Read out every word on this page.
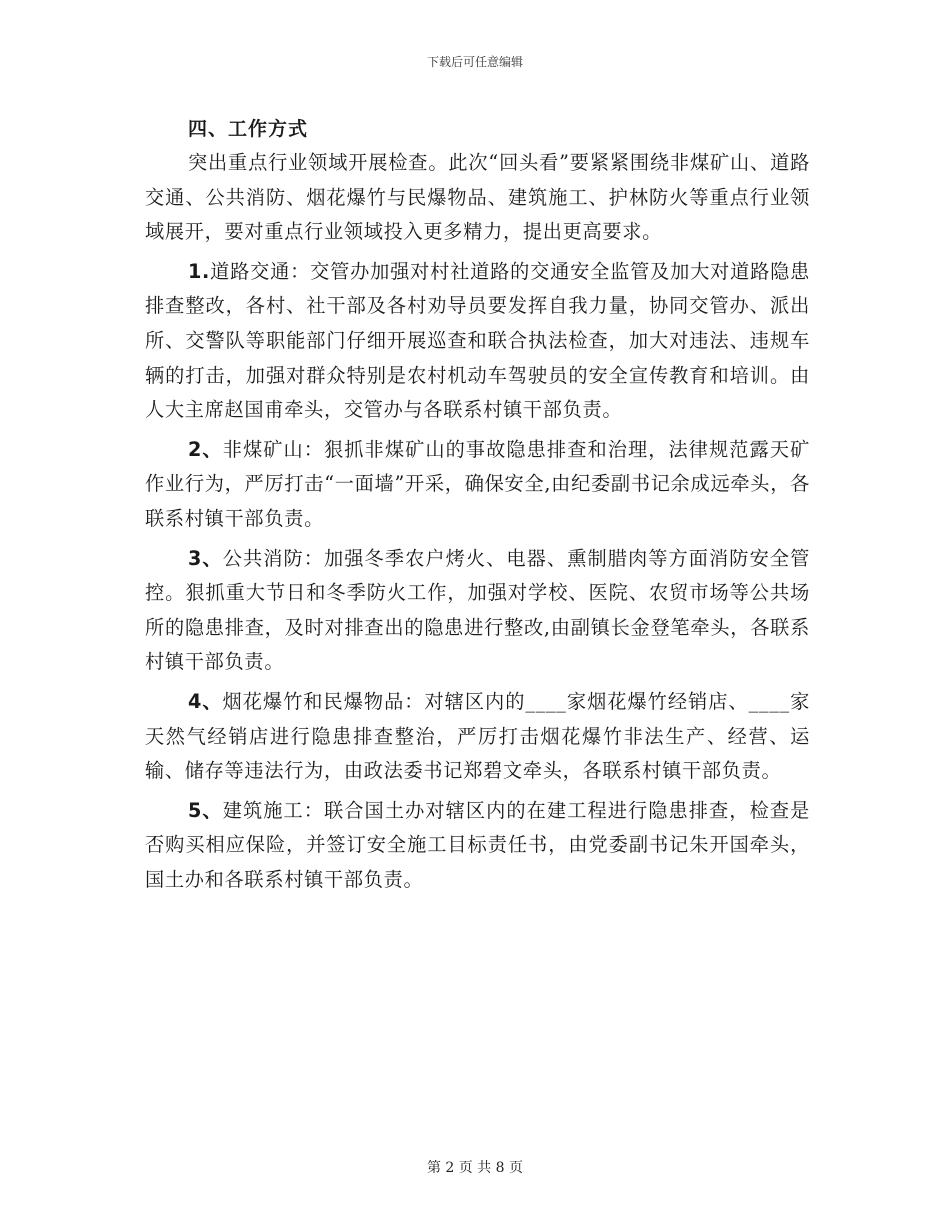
下载后可任意编辑
四、工作方式

突出重点行业领域开展检查。此次“回头看”要紧紧围绕非煤矿山、道路交通、公共消防、烟花爆竹与民爆物品、建筑施工、护林防火等重点行业领域展开，要对重点行业领域投入更多精力，提出更高要求。

1.道路交通：交管办加强对村社道路的交通安全监管及加大对道路隐患排查整改，各村、社干部及各村劝导员要发挥自我力量，协同交管办、派出所、交警队等职能部门仔细开展巡查和联合执法检查，加大对违法、违规车辆的打击，加强对群众特别是农村机动车驾驶员的安全宣传教育和培训。由人大主席赵国甫牵头，交管办与各联系村镇干部负责。

2、非煤矿山：狠抓非煤矿山的事故隐患排查和治理，法律规范露天矿作业行为，严厉打击“一面墙”开采，确保安全,由纪委副书记余成远牵头，各联系村镇干部负责。

3、公共消防：加强冬季农户烤火、电器、熏制腊肉等方面消防安全管控。狠抓重大节日和冬季防火工作，加强对学校、医院、农贸市场等公共场所的隐患排查，及时对排查出的隐患进行整改,由副镇长金登笔牵头，各联系村镇干部负责。

4、烟花爆竹和民爆物品：对辖区内的____家烟花爆竹经销店、____家天然气经销店进行隐患排查整治，严厉打击烟花爆竹非法生产、经营、运输、储存等违法行为，由政法委书记郑碧文牵头，各联系村镇干部负责。

5、建筑施工：联合国土办对辖区内的在建工程进行隐患排查，检查是否购买相应保险，并签订安全施工目标责任书，由党委副书记朱开国牵头，国土办和各联系村镇干部负责。

第 2 页 共 8 页
